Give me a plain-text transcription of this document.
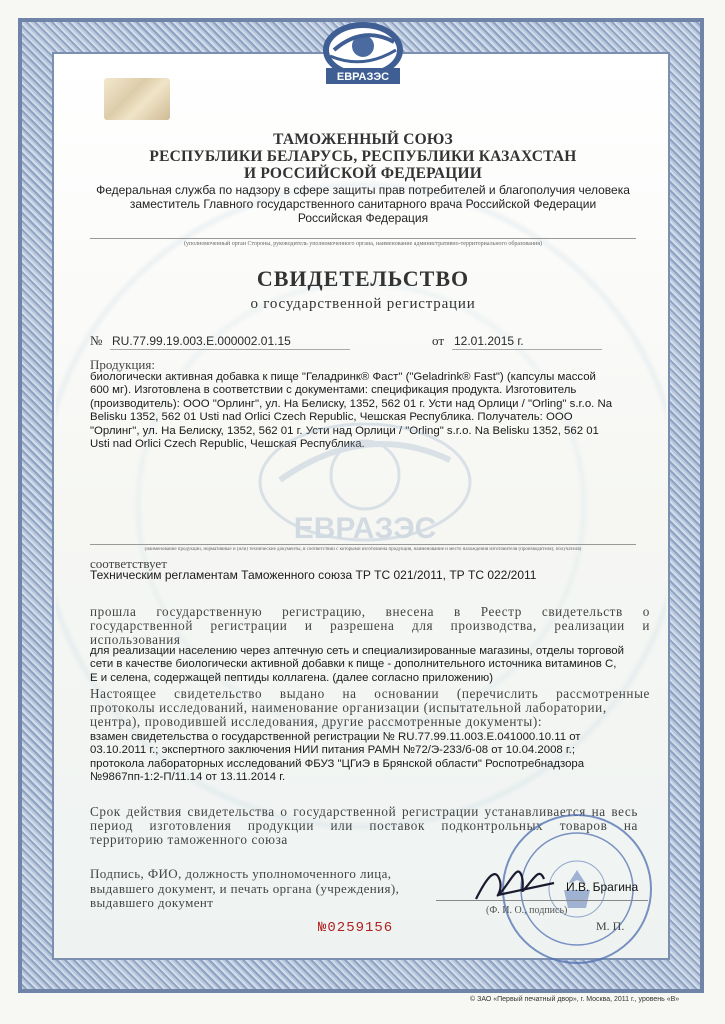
ЕВРАЗЭС
ТАМОЖЕННЫЙ СОЮЗ
РЕСПУБЛИКИ БЕЛАРУСЬ, РЕСПУБЛИКИ КАЗАХСТАН
И РОССИЙСКОЙ ФЕДЕРАЦИИ
Федеральная служба по надзору в сфере защиты прав потребителей и благополучия человека
заместитель Главного государственного санитарного врача Российской Федерации
Российская Федерация
(уполномоченный орган Стороны, руководитель уполномоченного органа, наименование административно-территориального образования)
СВИДЕТЕЛЬСТВО
о государственной регистрации
№ RU.77.99.19.003.Е.000002.01.15	от 12.01.2015 г.
Продукция:
биологически активная добавка к пище "Геладринк® Фаст" ("Geladrink® Fast") (капсулы массой
600 мг). Изготовлена в соответствии с документами: спецификация продукта. Изготовитель
(производитель): ООО "Орлинг", ул. На Белиску, 1352, 562 01 г. Усти над Орлици / "Orling" s.r.o. Na
Belisku 1352, 562 01 Usti nad Orlici Czech Republic, Чешская Республика. Получатель: ООО
"Орлинг", ул. На Белиску, 1352, 562 01 г. Усти над Орлици / "Orling" s.r.o. Na Belisku 1352, 562 01
Usti nad Orlici Czech Republic, Чешская Республика.
ЕВРАЗЭС
(наименование продукции, нормативные и (или) технические документы, в соответствии с которыми изготовлена продукция, наименование и место нахождения изготовителя (производителя), получателя)
соответствует
Техническим регламентам Таможенного союза ТР ТС 021/2011, ТР ТС 022/2011
прошла государственную регистрацию, внесена в Реестр свидетельств о
государственной регистрации и разрешена для производства, реализации и
использования
для реализации населению через аптечную сеть и специализированные магазины, отделы торговой
сети в качестве биологически активной добавки к пище - дополнительного источника витаминов С,
Е и селена, содержащей пептиды коллагена. (далее согласно приложению)
Настоящее свидетельство выдано на основании (перечислить рассмотренные
протоколы исследований, наименование организации (испытательной лаборатории,
центра), проводившей исследования, другие рассмотренные документы):
взамен свидетельства о государственной регистрации № RU.77.99.11.003.Е.041000.10.11 от
03.10.2011 г.; экспертного заключения НИИ питания РАМН №72/Э-233/б-08 от 10.04.2008 г.;
протокола лабораторных исследований ФБУЗ "ЦГиЭ в Брянской области" Роспотребнадзора
№9867пп-1:2-П/11.14 от 13.11.2014 г.
Срок действия свидетельства о государственной регистрации устанавливается на весь
период изготовления продукции или поставок подконтрольных товаров на
территорию таможенного союза
Подпись, ФИО, должность уполномоченного лица,
выдавшего документ, и печать органа (учреждения),
выдавшего документ
И.В. Брагина
(Ф. И. О., подпись)
М. П.
№0259156
© ЗАО «Первый печатный двор», г. Москва, 2011 г., уровень «В»
